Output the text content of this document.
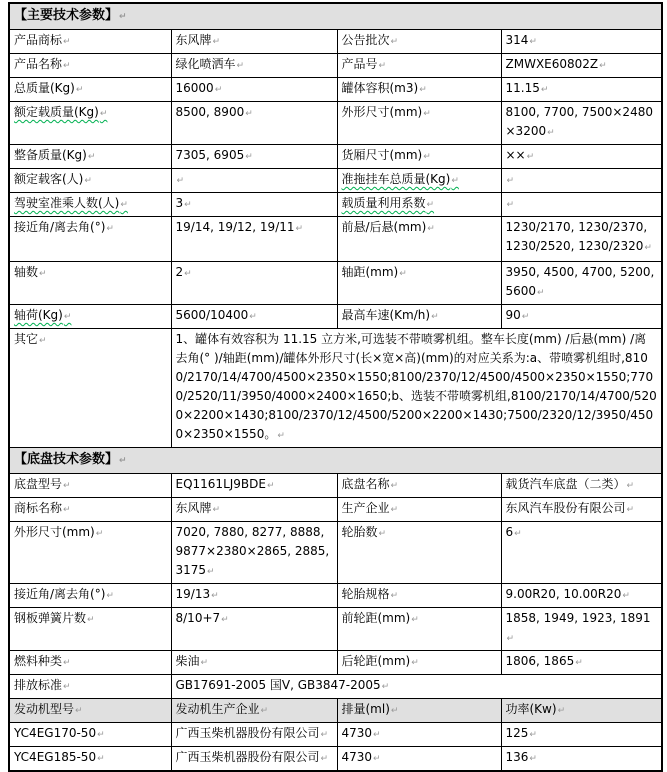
【主要技术参数】 ↵ ↵
产品商标 ↵	东风牌 ↵	公告批次 ↵	314 ↵ ↵
产品名称 ↵	绿化喷洒车 ↵	产品号 ↵	ZMWXE60802Z ↵ ↵
总质量(Kg) ↵	16000 ↵	罐体容积(m3) ↵	11.15 ↵ ↵
额定载质量(Kg) ↵	8500, 8900 ↵	外形尺寸(mm) ↵	8100, 7700, 7500×2480×3200 ↵ ↵
整备质量(Kg) ↵	7305, 6905 ↵	货厢尺寸(mm) ↵	×× ↵ ↵
额定载客(人) ↵	↵	准拖挂车总质量(Kg) ↵	↵ ↵
驾驶室准乘人数(人) ↵	3 ↵	载质量利用系数 ↵	↵ ↵
接近角/离去角(°) ↵	19/14, 19/12, 19/11 ↵	前悬/后悬(mm) ↵	1230/2170, 1230/2370, 1230/2520, 1230/2320 ↵ ↵
轴数 ↵	2 ↵	轴距(mm) ↵	3950, 4500, 4700, 5200, 5600 ↵ ↵
轴荷(Kg) ↵	5600/10400 ↵	最高车速(Km/h) ↵	90 ↵ ↵
其它 ↵	1、罐体有效容积为 11.15 立方米,可选装不带喷雾机组。整车长度(mm) /后悬(mm) /离去角(° )/轴距(mm)/罐体外形尺寸(长×宽×高)(mm)的对应关系为:a、带喷雾机组时,8100/2170/14/4700/4500×2350×1550;8100/2370/12/4500/4500×2350×1550;7700/2520/11/3950/4000×2400×1650;b、选装不带喷雾机组,8100/2170/14/4700/5200×2200×1430;8100/2370/12/4500/5200×2200×1430;7500/2320/12/3950/4500×2350×1550。 ↵ ↵
【底盘技术参数】 ↵ ↵
底盘型号 ↵	EQ1161LJ9BDE ↵	底盘名称 ↵	载货汽车底盘（二类） ↵ ↵
商标名称 ↵	东风牌 ↵	生产企业 ↵	东风汽车股份有限公司 ↵ ↵
外形尺寸(mm) ↵	7020, 7880, 8277, 8888, 9877×2380×2865, 2885, 3175 ↵	轮胎数 ↵	6 ↵ ↵
接近角/离去角(°) ↵	19/13 ↵	轮胎规格 ↵	9.00R20, 10.00R20 ↵ ↵
钢板弹簧片数 ↵	8/10+7 ↵	前轮距(mm) ↵	1858, 1949, 1923, 1891 ↵ ↵
燃料种类 ↵	柴油 ↵	后轮距(mm) ↵	1806, 1865 ↵ ↵
排放标准 ↵	GB17691-2005 国Ⅴ, GB3847-2005 ↵ ↵
发动机型号 ↵	发动机生产企业 ↵	排量(ml) ↵	功率(Kw) ↵ ↵
YC4EG170-50 ↵	广西玉柴机器股份有限公司 ↵	4730 ↵	125 ↵ ↵
YC4EG185-50 ↵	广西玉柴机器股份有限公司 ↵	4730 ↵	136 ↵ ↵
